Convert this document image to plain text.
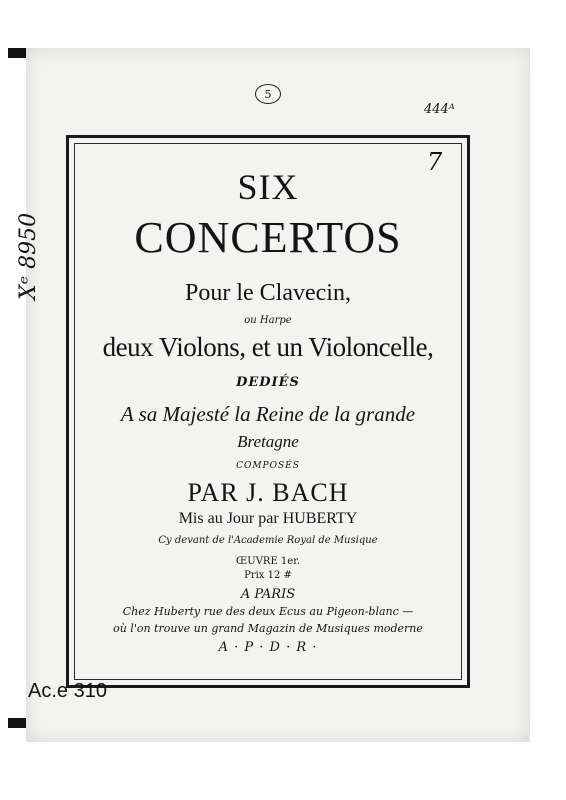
5
444ᴬ
Xᵉ 8950
7
SIX
CONCERTOS
Pour le Clavecin,
ou Harpe
deux Violons, et un Violoncelle,
DEDIÉS
A sa Majesté la Reine de la grande
Bretagne
COMPOSÉS
PAR J. BACH
Mis au Jour par HUBERTY
Cy devant de l'Academie Royal de Musique
ŒUVRE 1er.
Prix 12 #
A PARIS
Chez Huberty rue des deux Ecus au Pigeon-blanc —
où l'on trouve un grand Magazin de Musiques moderne
A · P · D · R ·
Ac.e 310
